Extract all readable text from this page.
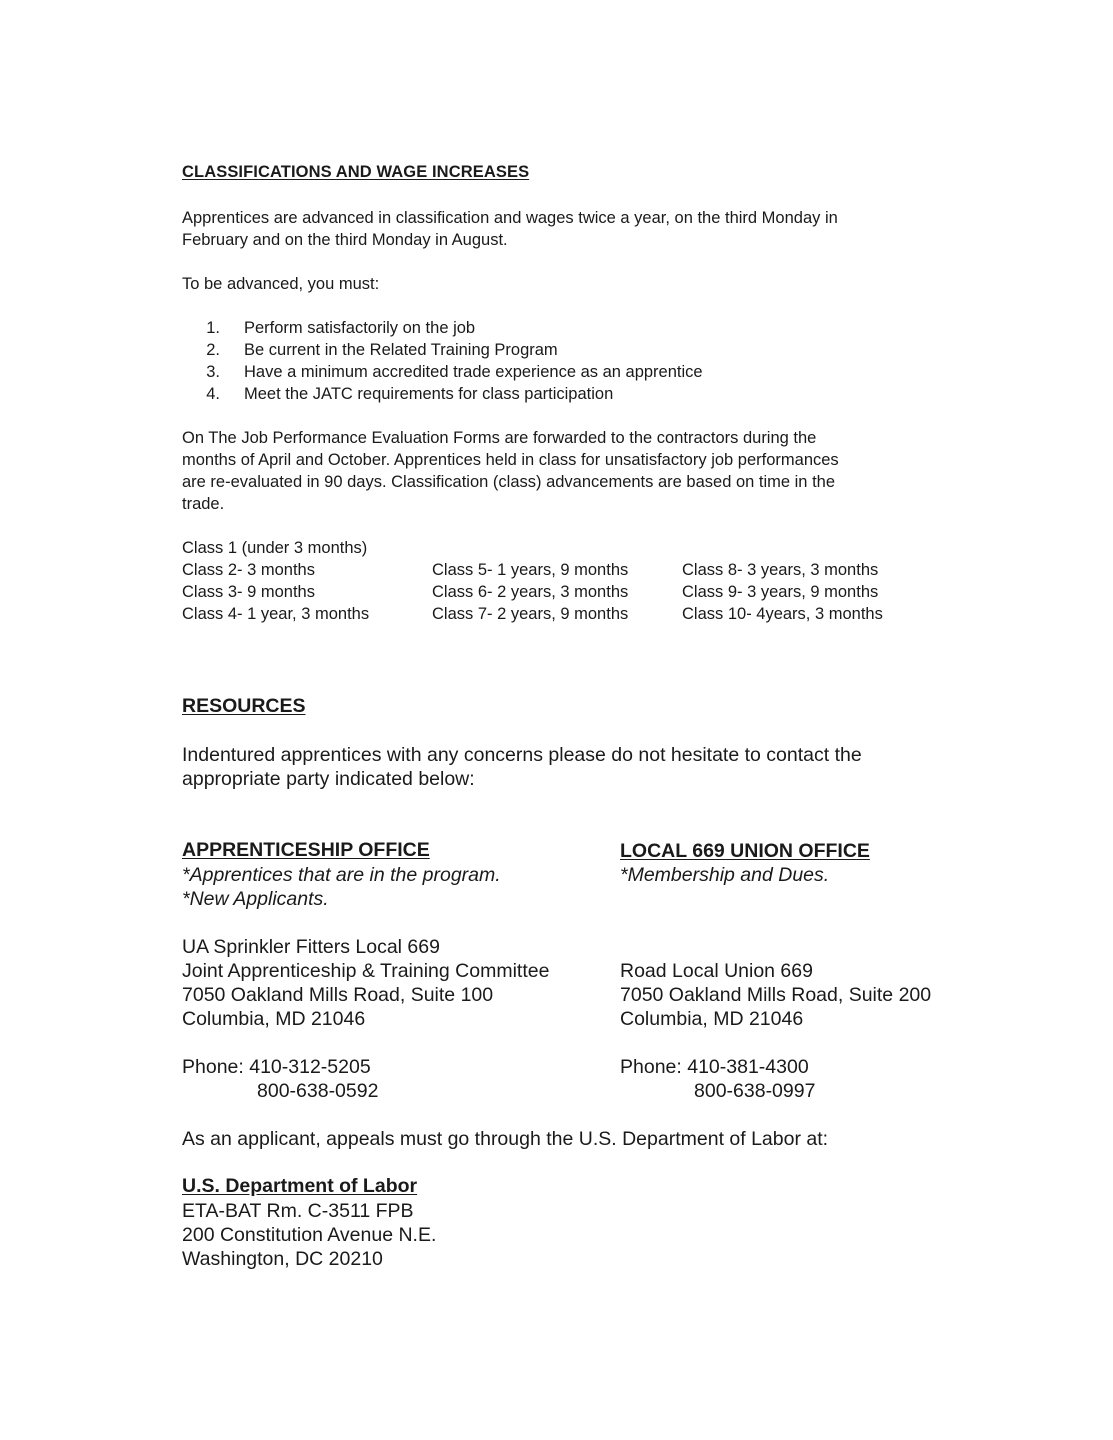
CLASSIFICATIONS AND WAGE INCREASES
Apprentices are advanced in classification and wages twice a year, on the third Monday in
February and on the third Monday in August.
To be advanced, you must:
1. Perform satisfactorily on the job
2. Be current in the Related Training Program
3. Have a minimum accredited trade experience as an apprentice
4. Meet the JATC requirements for class participation
On The Job Performance Evaluation Forms are forwarded to the contractors during the
months of April and October. Apprentices held in class for unsatisfactory job performances
are re-evaluated in 90 days. Classification (class) advancements are based on time in the
trade.
Class 1 (under 3 months)
Class 2- 3 months
Class 3- 9 months
Class 4- 1 year, 3 months
Class 5- 1 years, 9 months
Class 6- 2 years, 3 months
Class 7- 2 years, 9 months
Class 8- 3 years, 3 months
Class 9- 3 years, 9 months
Class 10- 4years, 3 months
RESOURCES
Indentured apprentices with any concerns please do not hesitate to contact the
appropriate party indicated below:
APPRENTICESHIP OFFICE
*Apprentices that are in the program.
*New Applicants.
UA Sprinkler Fitters Local 669
Joint Apprenticeship & Training Committee
7050 Oakland Mills Road, Suite 100
Columbia, MD 21046
Phone: 410-312-5205
800-638-0592
LOCAL 669 UNION OFFICE
*Membership and Dues.
Road Local Union 669
7050 Oakland Mills Road, Suite 200
Columbia, MD 21046
Phone: 410-381-4300
800-638-0997
As an applicant, appeals must go through the U.S. Department of Labor at:
U.S. Department of Labor
ETA-BAT Rm. C-3511 FPB
200 Constitution Avenue N.E.
Washington, DC 20210
